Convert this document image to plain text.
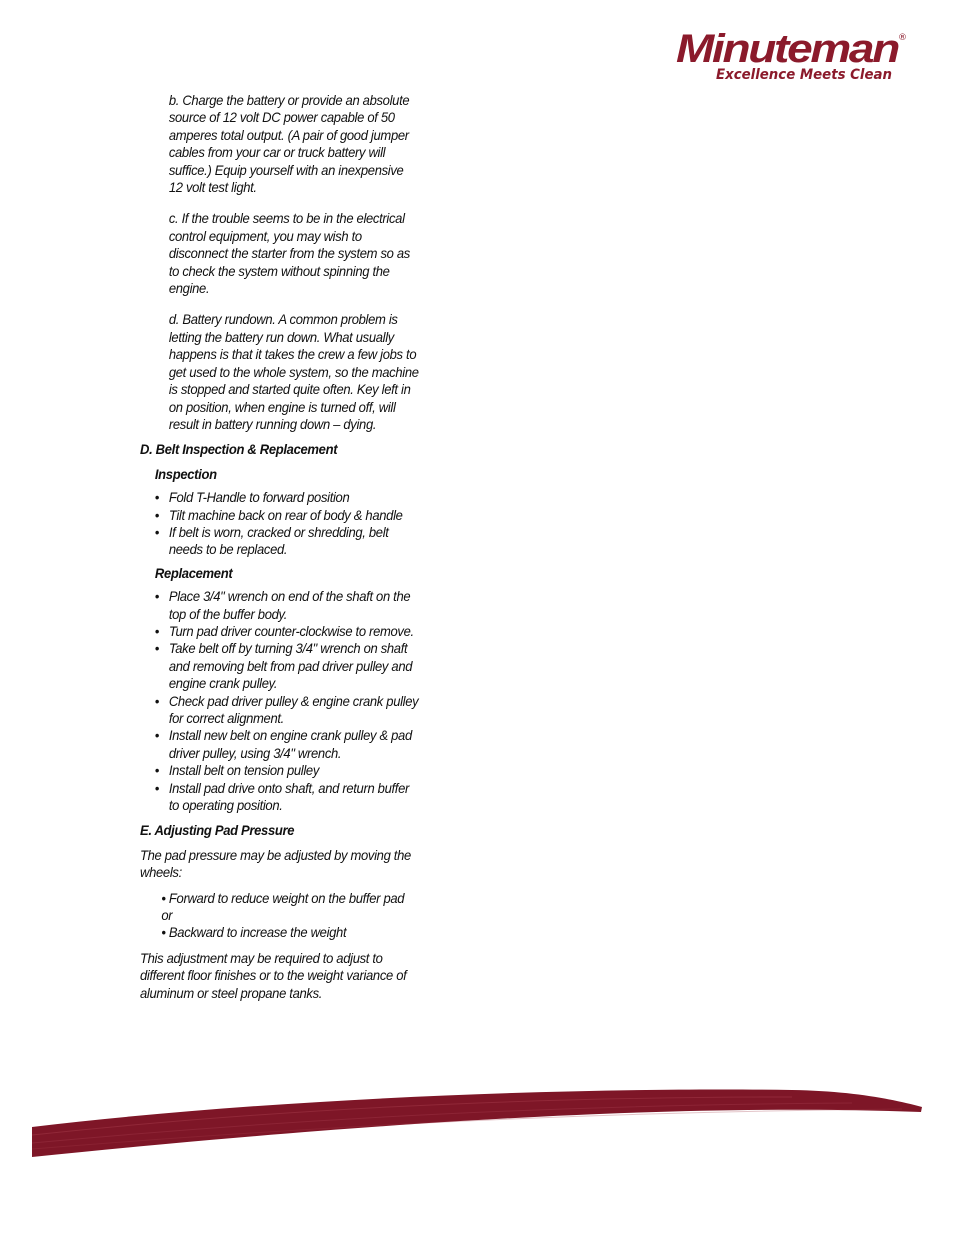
Minuteman ®
Excellence Meets Clean

b. Charge the battery or provide an absolute source of 12 volt DC power capable of 50 amperes total output. (A pair of good jumper cables from your car or truck battery will suffice.) Equip yourself with an inexpensive 12 volt test light.

c. If the trouble seems to be in the electrical control equipment, you may wish to disconnect the starter from the system so as to check the system without spinning the engine.

d. Battery rundown. A common problem is letting the battery run down. What usually happens is that it takes the crew a few jobs to get used to the whole system, so the machine is stopped and started quite often. Key left in on position, when engine is turned off, will result in battery running down – dying.

D. Belt Inspection & Replacement
Inspection
• Fold T-Handle to forward position
• Tilt machine back on rear of body & handle
• If belt is worn, cracked or shredding, belt needs to be replaced.
Replacement
• Place 3/4" wrench on end of the shaft on the top of the buffer body.
• Turn pad driver counter-clockwise to remove.
• Take belt off by turning 3/4" wrench on shaft and removing belt from pad driver pulley and engine crank pulley.
• Check pad driver pulley & engine crank pulley for correct alignment.
• Install new belt on engine crank pulley & pad driver pulley, using 3/4" wrench.
• Install belt on tension pulley
• Install pad drive onto shaft, and return buffer to operating position.
E. Adjusting Pad Pressure

The pad pressure may be adjusted by moving the wheels:

• Forward to reduce weight on the buffer pad
or
• Backward to increase the weight

This adjustment may be required to adjust to different floor finishes or to the weight variance of aluminum or steel propane tanks.
